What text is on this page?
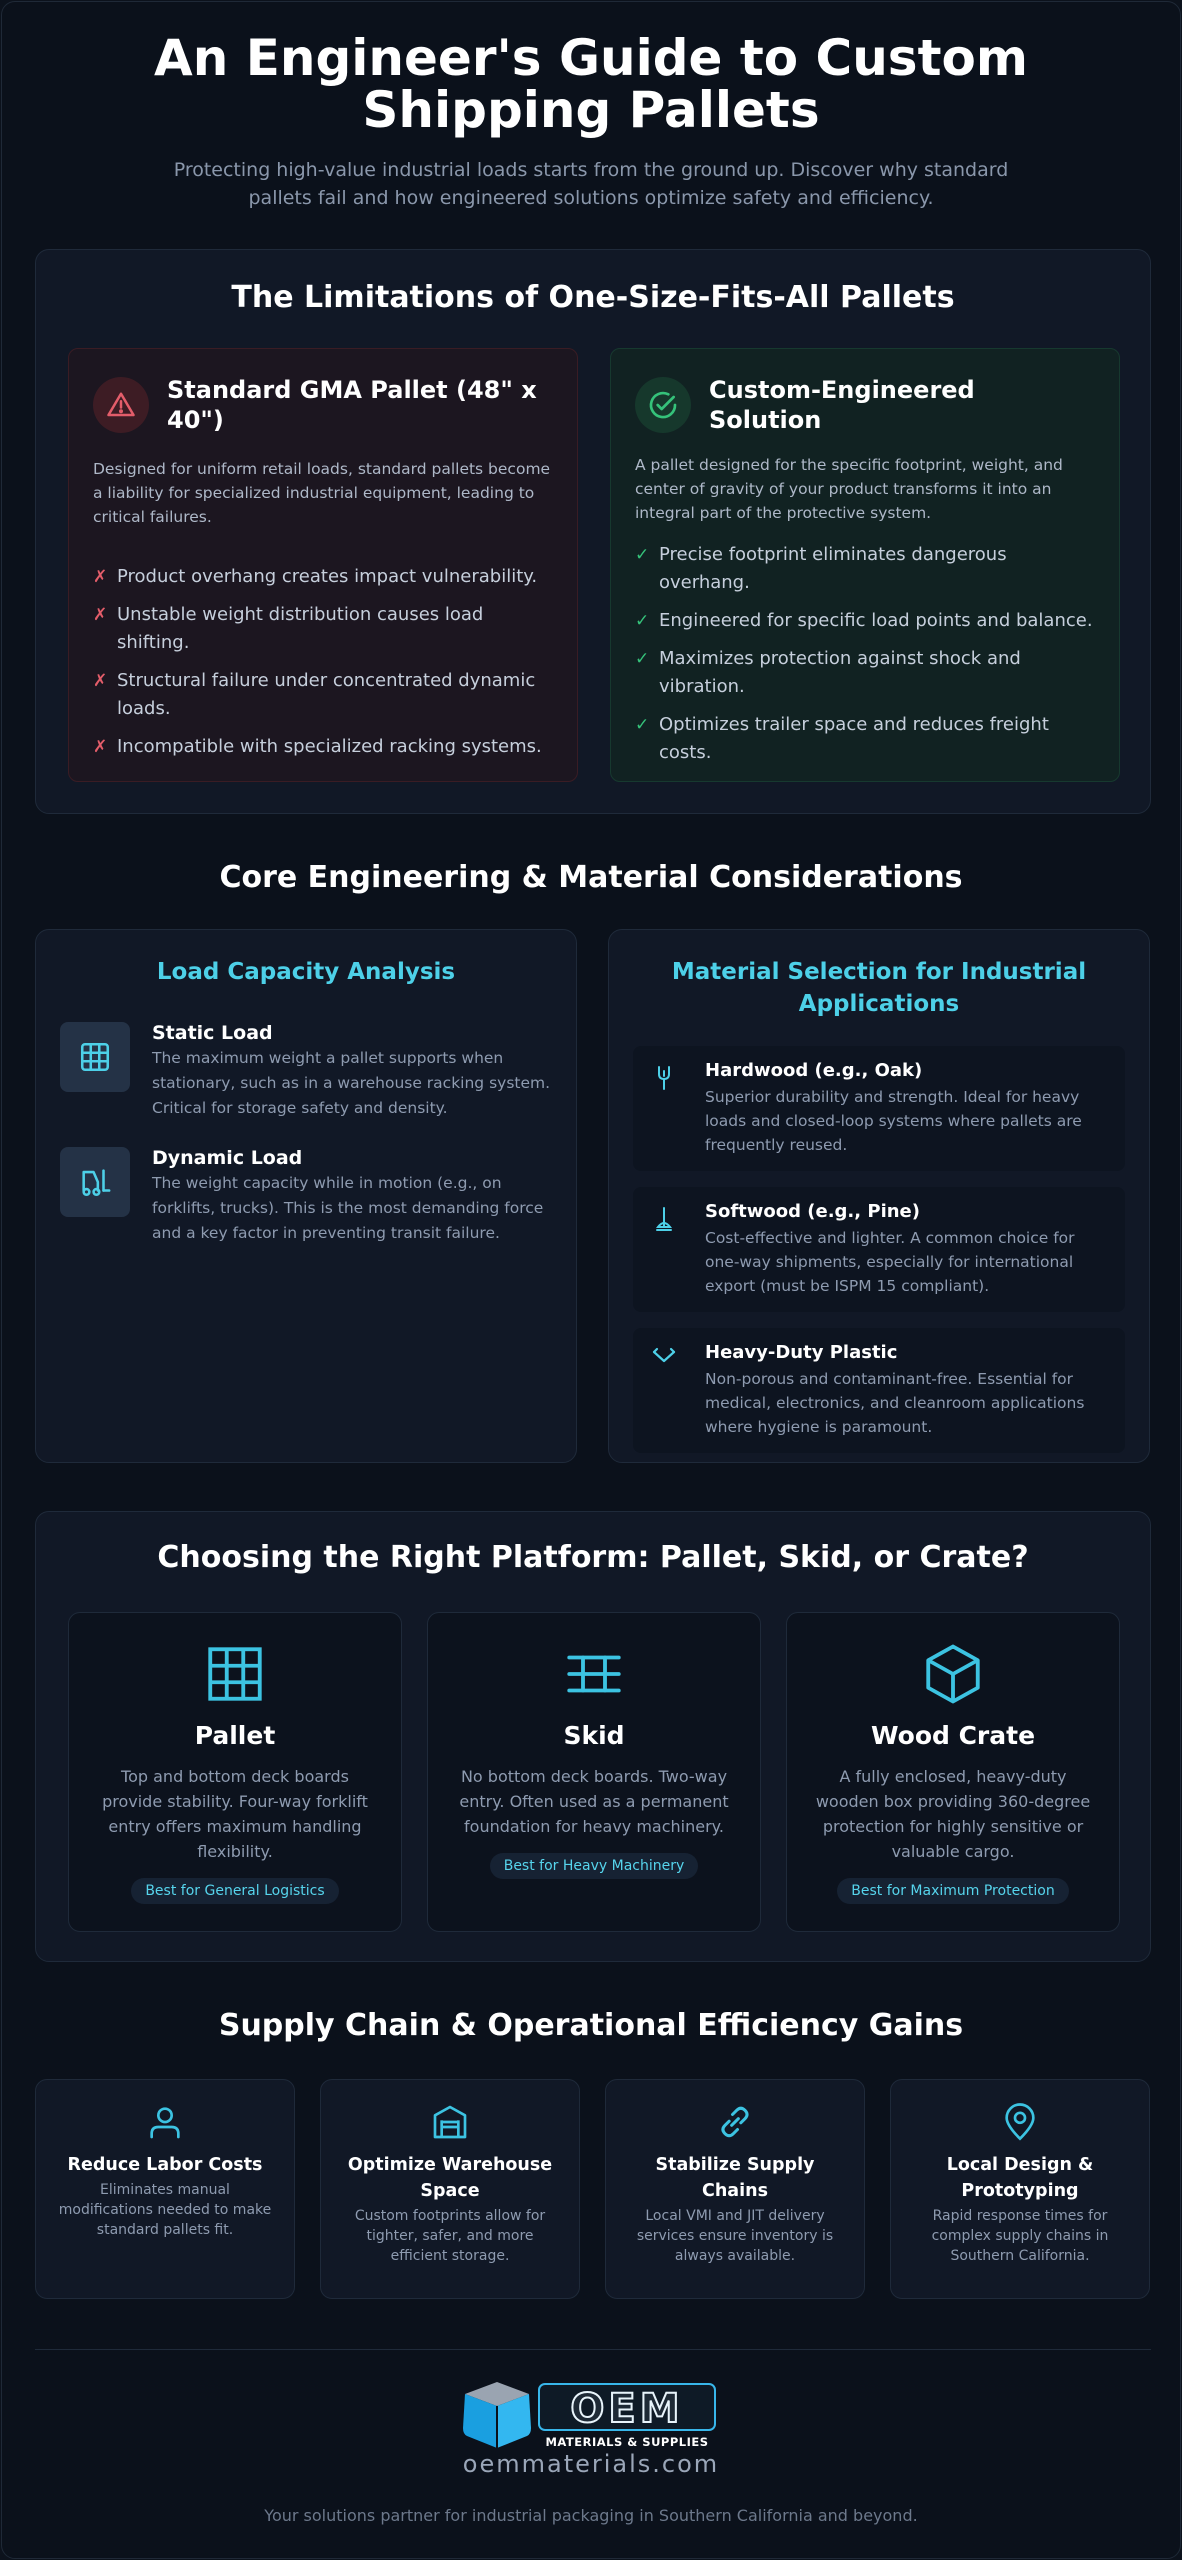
An Engineer's Guide to Custom Shipping Pallets

Protecting high-value industrial loads starts from the ground up. Discover why standard pallets fail and how engineered solutions optimize safety and efficiency.

The Limitations of One-Size-Fits-All Pallets
Standard GMA Pallet (48" x 40")

Designed for uniform retail loads, standard pallets become a liability for specialized industrial equipment, leading to critical failures.

✗ Product overhang creates impact vulnerability.
✗ Unstable weight distribution causes load shifting.
✗ Structural failure under concentrated dynamic loads.
✗ Incompatible with specialized racking systems.
Custom-Engineered Solution

A pallet designed for the specific footprint, weight, and center of gravity of your product transforms it into an integral part of the protective system.

✓ Precise footprint eliminates dangerous overhang.
✓ Engineered for specific load points and balance.
✓ Maximizes protection against shock and vibration.
✓ Optimizes trailer space and reduces freight costs.
Core Engineering & Material Considerations
Load Capacity Analysis
Static Load

The maximum weight a pallet supports when stationary, such as in a warehouse racking system. Critical for storage safety and density.

Dynamic Load

The weight capacity while in motion (e.g., on forklifts, trucks). This is the most demanding force and a key factor in preventing transit failure.

Material Selection for Industrial Applications
Hardwood (e.g., Oak)

Superior durability and strength. Ideal for heavy loads and closed-loop systems where pallets are frequently reused.

Softwood (e.g., Pine)

Cost-effective and lighter. A common choice for one-way shipments, especially for international export (must be ISPM 15 compliant).

Heavy-Duty Plastic

Non-porous and contaminant-free. Essential for medical, electronics, and cleanroom applications where hygiene is paramount.

Choosing the Right Platform: Pallet, Skid, or Crate?
Pallet

Top and bottom deck boards provide stability. Four-way forklift entry offers maximum handling flexibility.

Best for General Logistics
Skid

No bottom deck boards. Two-way entry. Often used as a permanent foundation for heavy machinery.

Best for Heavy Machinery
Wood Crate

A fully enclosed, heavy-duty wooden box providing 360-degree protection for highly sensitive or valuable cargo.

Best for Maximum Protection
Supply Chain & Operational Efficiency Gains
Reduce Labor Costs

Eliminates manual modifications needed to make standard pallets fit.

Optimize Warehouse Space

Custom footprints allow for tighter, safer, and more efficient storage.

Stabilize Supply Chains

Local VMI and JIT delivery services ensure inventory is always available.

Local Design & Prototyping

Rapid response times for complex supply chains in Southern California.

OEM
MATERIALS & SUPPLIES
oemmaterials.com
Your solutions partner for industrial packaging in Southern California and beyond.
